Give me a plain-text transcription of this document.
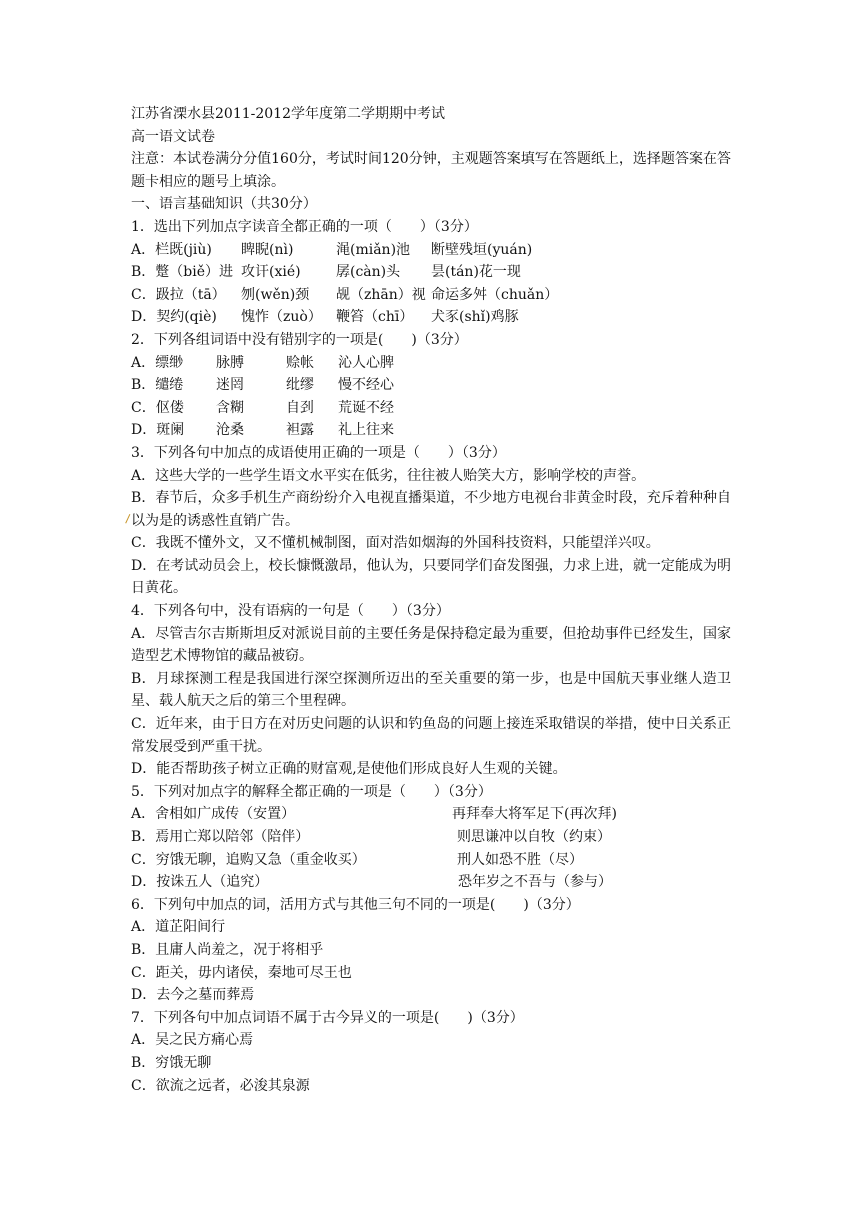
江苏省溧水县2011-2012学年度第二学期期中考试
高一语文试卷
注意：本试卷满分分值160分，考试时间120分钟，主观题答案填写在答题纸上，选择题答案在答题卡相应的题号上填涂。
一、语言基础知识（共30分）
1．选出下列加点字读音全都正确的一项（　　）（3分）
A．栏既(jiù)	睥睨(nì)	渑(miǎn)池	断壁残垣(yuán)
B．蹩（biě）进 攻讦(xié)	孱(càn)头	昙(tán)花一现
C．趿拉（tā）	刎(wěn)颈	觇（zhān）视 命运多舛（chuǎn）
D．契约(qiè)	愧怍（zuò）	鞭笞（chī）	犬豕(shǐ)鸡豚
2．下列各组词语中没有错别字的一项是(　　)（3分）
A．缥缈	脉膊	赊帐	沁人心脾
B．缱绻	迷罔	纰缪	慢不经心
C．伛偻	含糊	自刭	荒诞不经
D．斑阑	沧桑	袒露	礼上往来
3．下列各句中加点的成语使用正确的一项是（　　）（3分）
A．这些大学的一些学生语文水平实在低劣，往往被人贻笑大方，影响学校的声誉。
B．春节后，众多手机生产商纷纷介入电视直播渠道，不少地方电视台非黄金时段，充斥着种种自以为是的诱惑性直销广告。
C．我既不懂外文，又不懂机械制图，面对浩如烟海的外国科技资料，只能望洋兴叹。
D．在考试动员会上，校长慷慨激昂，他认为，只要同学们奋发图强，力求上进，就一定能成为明日黄花。
4．下列各句中，没有语病的一句是（　　）（3分）
A．尽管吉尔吉斯斯坦反对派说目前的主要任务是保持稳定最为重要，但抢劫事件已经发生，国家造型艺术博物馆的藏品被窃。
B．月球探测工程是我国进行深空探测所迈出的至关重要的第一步，也是中国航天事业继人造卫星、载人航天之后的第三个里程碑。
C．近年来，由于日方在对历史问题的认识和钓鱼岛的问题上接连采取错误的举措，使中日关系正常发展受到严重干扰。
D．能否帮助孩子树立正确的财富观,是使他们形成良好人生观的关键。
5．下列对加点字的解释全都正确的一项是（　　）（3分）
A．舍相如广成传（安置）	再拜奉大将军足下(再次拜)
B．焉用亡郑以陪邻（陪伴）	则思谦冲以自牧（约束）
C．穷饿无聊，追购又急（重金收买）	刑人如恐不胜（尽）
D．按诛五人（追究）	恐年岁之不吾与（参与）
6．下列句中加点的词，活用方式与其他三句不同的一项是(　　)（3分）
A．道芷阳间行
B．且庸人尚羞之，况于将相乎
C．距关，毋内诸侯，秦地可尽王也
D．去今之墓而葬焉
7．下列各句中加点词语不属于古今异义的一项是(　　)（3分）
A．吴之民方痛心焉
B．穷饿无聊
C．欲流之远者，必浚其泉源
